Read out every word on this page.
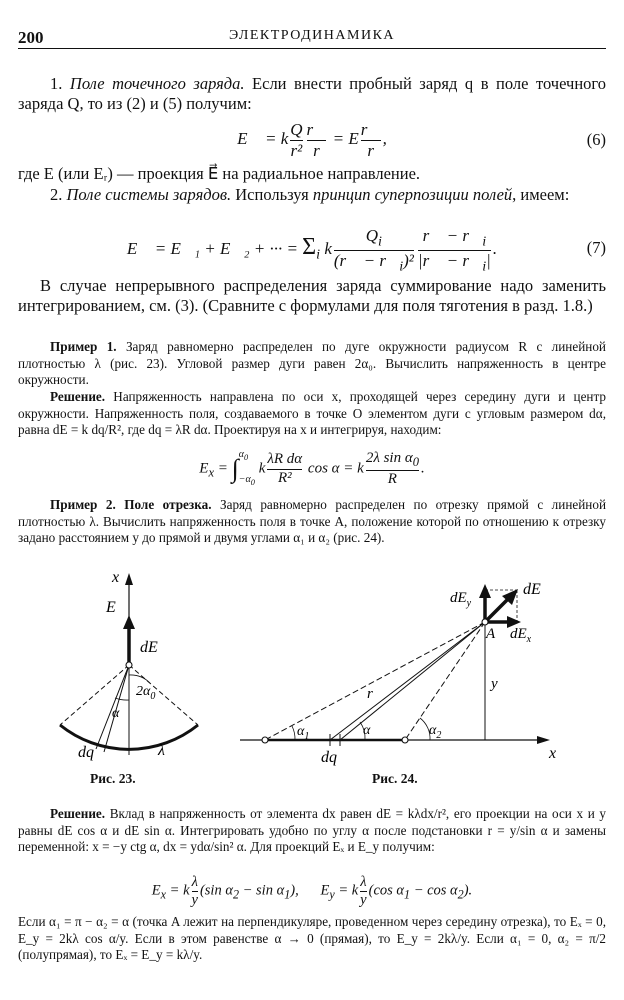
200	ЭЛЕКТРОДИНАМИКА
1. Поле точечного заряда. Если внести пробный заряд q в поле точечного заряда Q, то из (2) и (5) получим:
E⃗ = k $\frac{Q}{\text{r²}} \frac{r⃗}{r} = E \frac{r⃗}{r}$ ,	(6)
где E (или Eᵣ) — проекция E⃗ на радиальное направление.
2. Поле системы зарядов. Используя принцип суперпозиции полей, имеем:
E⃗ = E⃗₁ + E⃗₂ + ··· = $\Sigma_i$ k $\frac{Q_i}{(r⃗ - r⃗_i)^2} \frac{r⃗ - r⃗_i}{|r⃗ - r⃗_i|}$ .	(7)
В случае непрерывного распределения заряда суммирование надо заменить интегрированием, см. (3). (Сравните с формулами для поля тяготения в разд. 1.8.)
Пример 1. Заряд равномерно распределен по дуге окружности радиусом R с линейной плотностью λ (рис. 23). Угловой размер дуги равен 2α₀. Вычислить напряженность в центре окружности.
Решение. Напряженность направлена по оси x, проходящей через середину дуги и центр окружности. Напряженность поля, создаваемого в точке O элементом дуги с угловым размером dα, равна dE = k dq/R², где dq = λR dα. Проектируя на x и интегрируя, находим:
$E_x$ = ∫ $\alpha_0$
$-\alpha_0$
k $\frac{\text{λR dα}}{\text{R²}}$ cos α = k $\frac{2\lambda \sin \alpha_0}{R}$ .
Пример 2. Поле отрезка. Заряд равномерно распределен по отрезку прямой с линейной плотностью λ. Вычислить напряженность поля в точке A, положение которой по отношению к отрезку задано расстоянием y до прямой и двумя углами α₁ и α₂ (рис. 24).
x
E
dE
$2\alpha_0$
α
dq	λ
Рис. 23.
$dE_y$
dE
$dE_x$
A
r
y
$\alpha_1$	α	$\alpha_2$
dq	x
Рис. 24.
Решение. Вклад в напряженность от элемента dx равен dE = kλdx/r², его проекции на оси x и y равны dE cos α и dE sin α. Интегрировать удобно по углу α после подстановки r = y/sin α и замены переменной: x = −y ctg α, dx = ydα/sin² α. Для проекций Eₓ и E_y получим:
$E_x = k \frac{\lambda}{y} (\sin$ $\alpha_2 - \sin \alpha_1$),      $E_y = k \frac{\lambda}{y} (\cos$ $\alpha_1 - \cos \alpha_2$).
Если α₁ = π − α₂ = α (точка A лежит на перпендикуляре, проведенном через середину отрезка), то Eₓ = 0, E_y = 2kλ cos α/y. Если в этом равенстве α → 0 (прямая), то E_y = 2kλ/y. Если α₁ = 0, α₂ = π/2 (полупрямая), то Eₓ = E_y = kλ/y.
